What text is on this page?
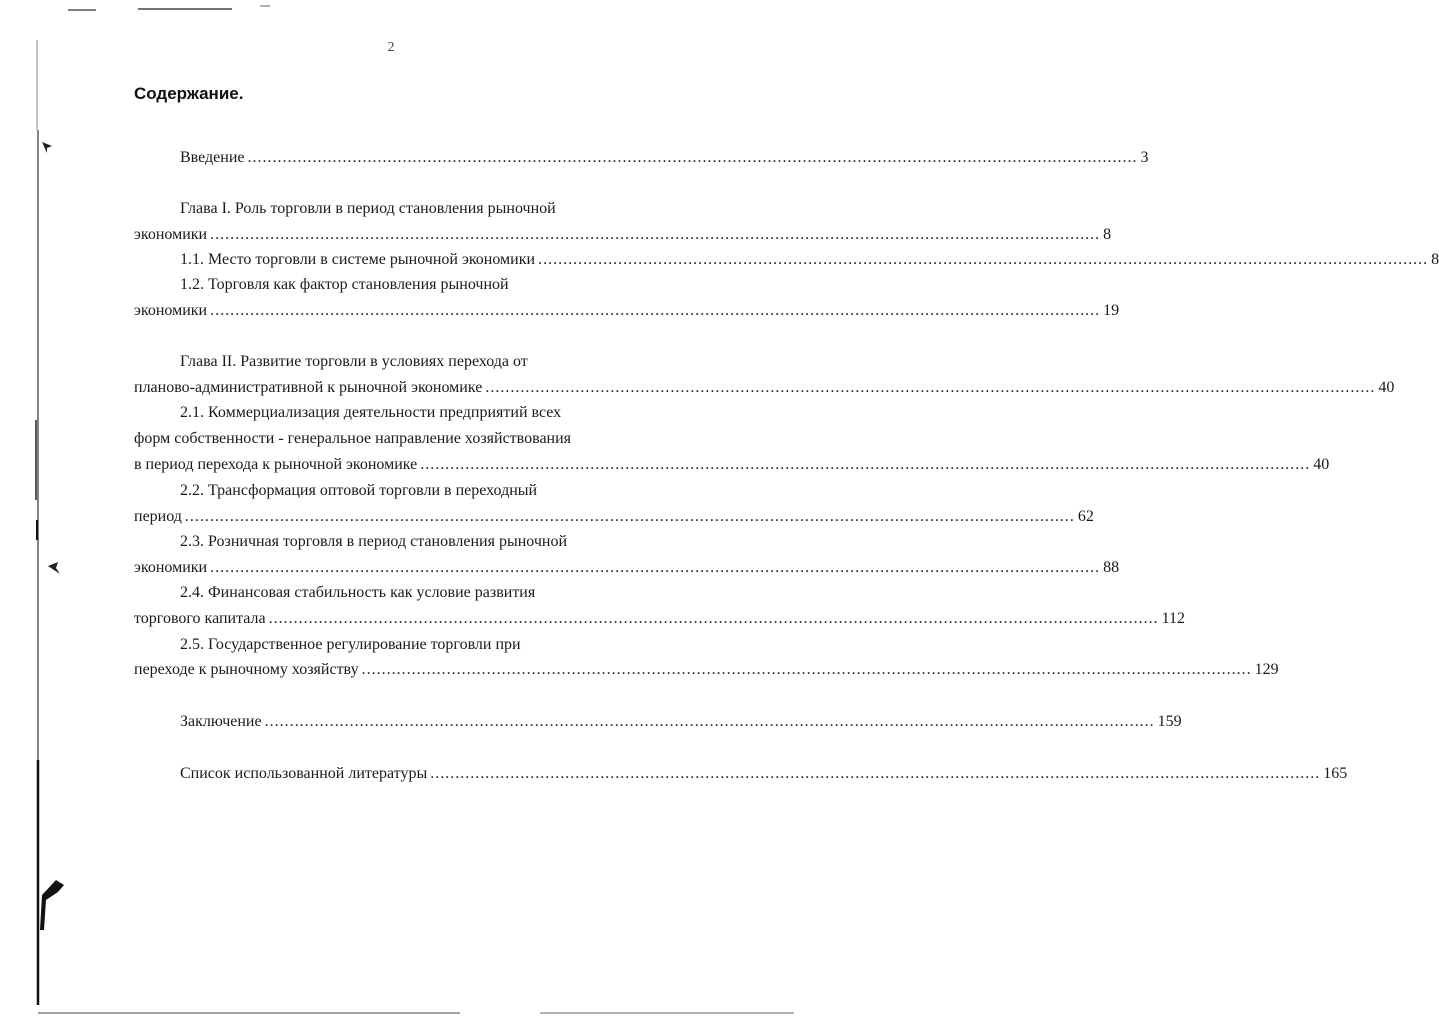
2
Содержание.
Введение .................................................................................................................................................................................. 3
Глава I. Роль торговли в период становления рыночной
экономики .................................................................................................................................................................................. 8
1.1. Место торговли в системе рыночной экономики .................................................................................................................................................................................. 8
1.2. Торговля как фактор становления рыночной
экономики .................................................................................................................................................................................. 19
Глава II. Развитие торговли в условиях перехода от
планово-административной к рыночной экономике .................................................................................................................................................................................. 40
2.1. Коммерциализация деятельности предприятий всех
форм собственности - генеральное направление хозяйствования
в период перехода к рыночной экономике .................................................................................................................................................................................. 40
2.2. Трансформация оптовой торговли в переходный
период .................................................................................................................................................................................. 62
2.3. Розничная торговля в период становления рыночной
экономики .................................................................................................................................................................................. 88
2.4. Финансовая стабильность как условие развития
торгового капитала .................................................................................................................................................................................. 112
2.5. Государственное регулирование торговли при
переходе к рыночному хозяйству .................................................................................................................................................................................. 129
Заключение .................................................................................................................................................................................. 159
Список использованной литературы .................................................................................................................................................................................. 165
